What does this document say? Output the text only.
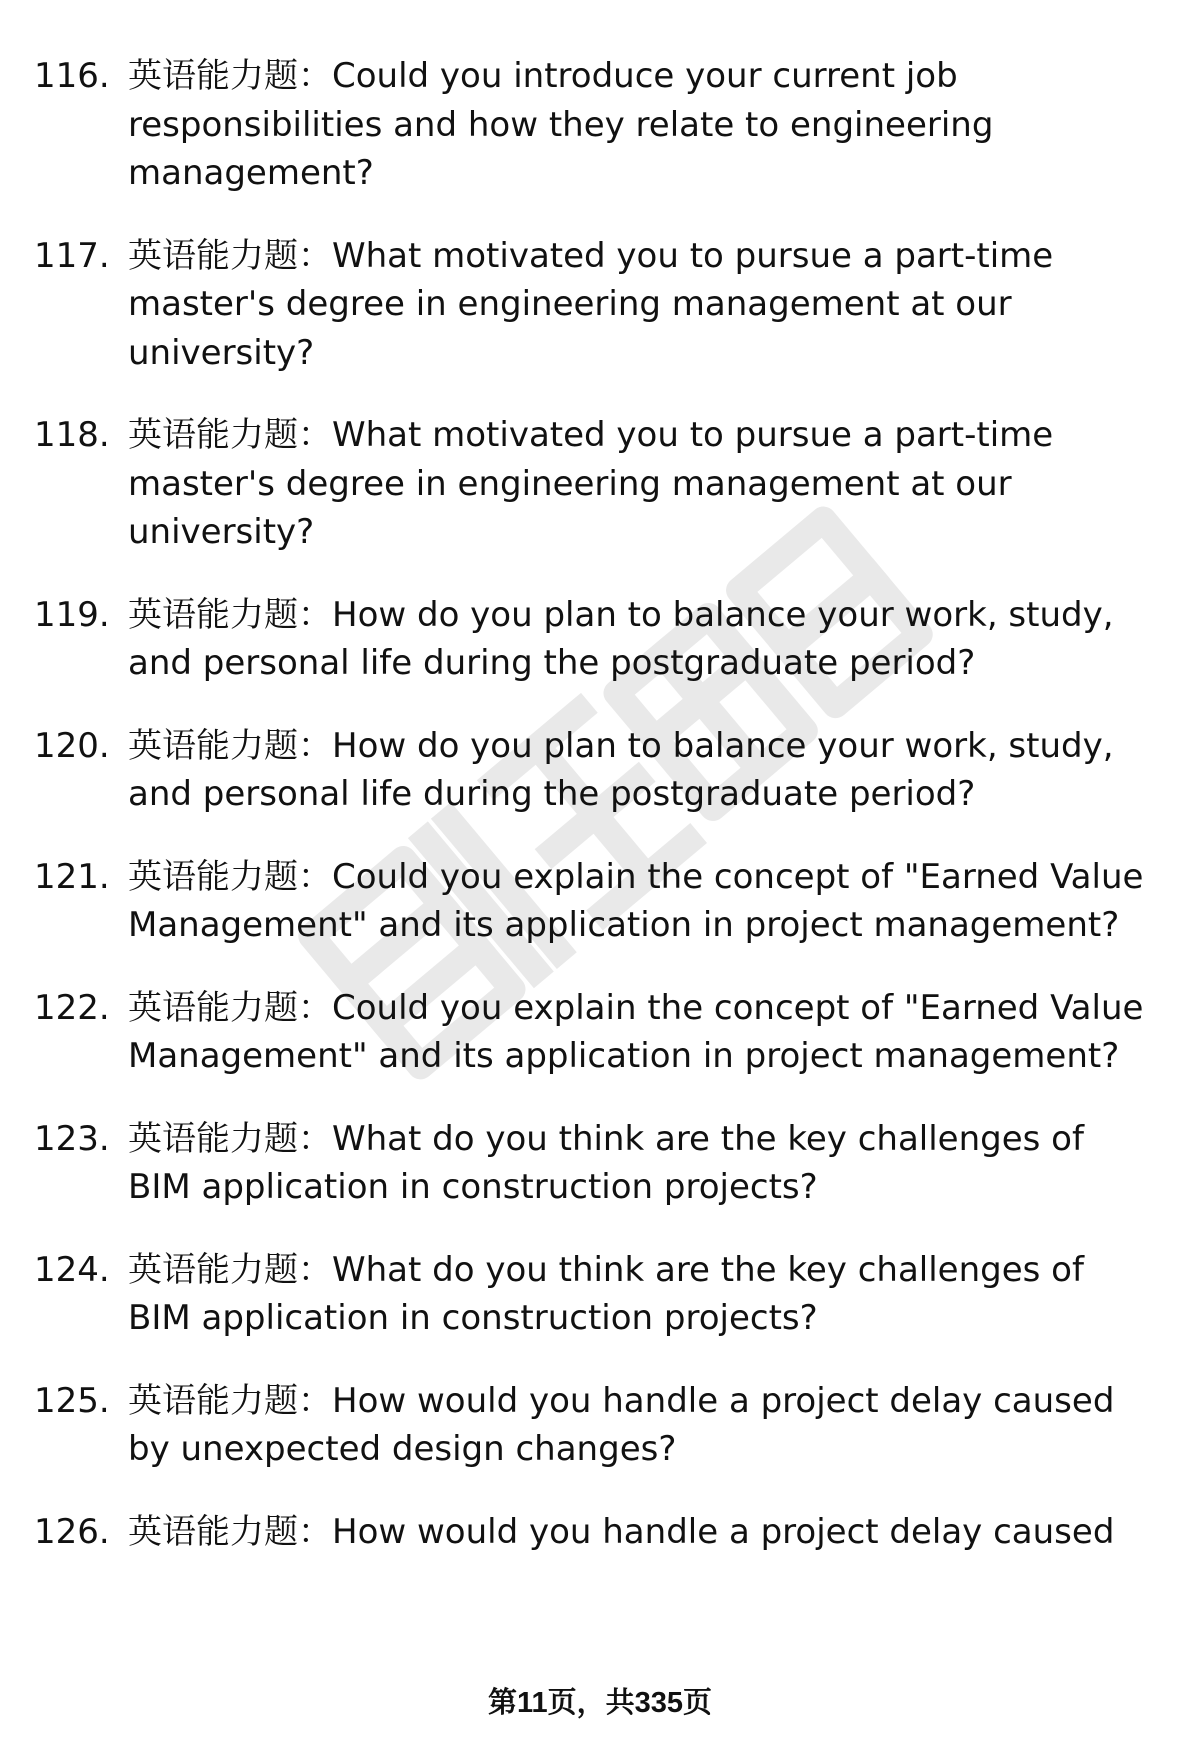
116. 英语能力题：Could you introduce your current job responsibilities and how they relate to engineering management?
117. 英语能力题：What motivated you to pursue a part-time master's degree in engineering management at our university?
118. 英语能力题：What motivated you to pursue a part-time master's degree in engineering management at our university?
119. 英语能力题：How do you plan to balance your work, study, and personal life during the postgraduate period?
120. 英语能力题：How do you plan to balance your work, study, and personal life during the postgraduate period?
121. 英语能力题：Could you explain the concept of "Earned Value Management" and its application in project management?
122. 英语能力题：Could you explain the concept of "Earned Value Management" and its application in project management?
123. 英语能力题：What do you think are the key challenges of BIM application in construction projects?
124. 英语能力题：What do you think are the key challenges of BIM application in construction projects?
125. 英语能力题：How would you handle a project delay caused by unexpected design changes?
126. 英语能力题：How would you handle a project delay caused
第11页，共335页
